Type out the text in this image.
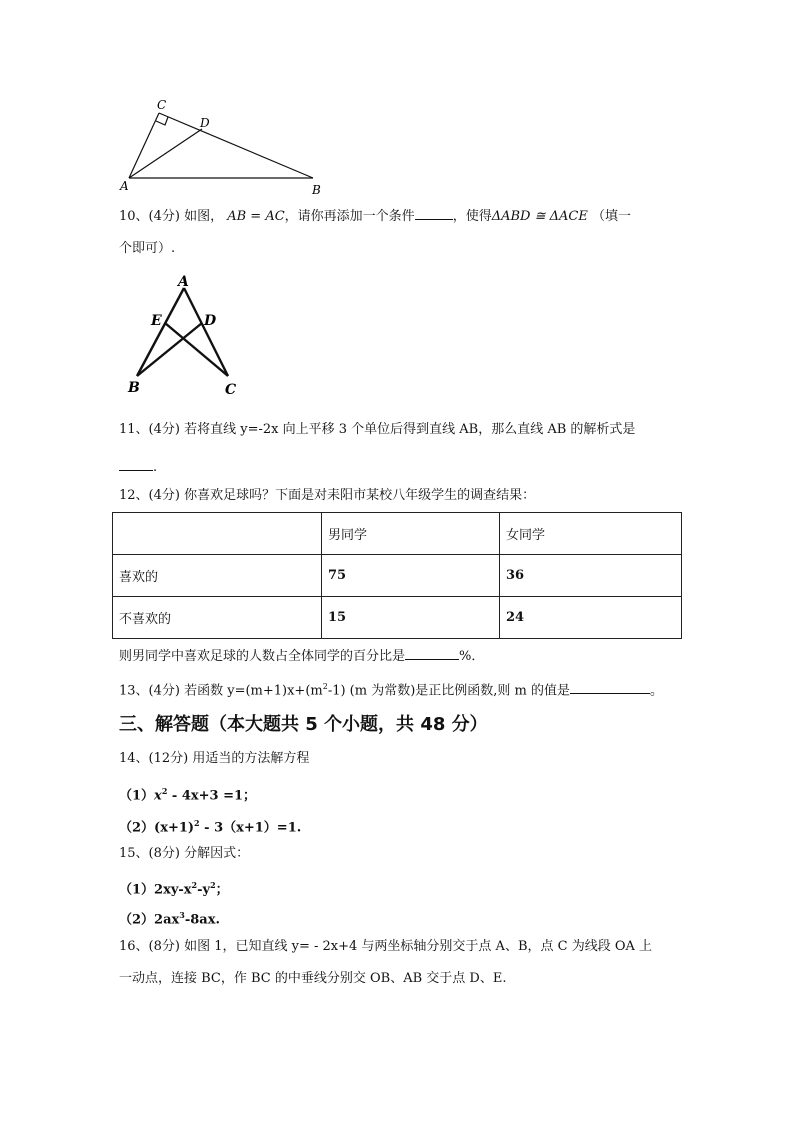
C
D
A	B
10、(4分) 如图， AB = AC，请你再添加一个条件	，使得ΔABD ≅ ΔACE （填一
个即可）.
A
E	D
B	C
11、(4分) 若将直线 y=-2x 向上平移 3 个单位后得到直线 AB，那么直线 AB 的解析式是
.
12、(4分) 你喜欢足球吗？下面是对耒阳市某校八年级学生的调查结果：
	男同学	女同学
喜欢的	75	36
不喜欢的	15	24
则男同学中喜欢足球的人数占全体同学的百分比是	%．
13、(4分) 若函数 $y=(m+1)x+(m^2-1)$ (m 为常数)是正比例函数,则 m 的值是	。
三、解答题（本大题共 5 个小题，共 48 分）
14、(12分) 用适当的方法解方程
$(1)x^2 - 4x+3 =1$；
$(2)(x+1)^2 - 3(x+1)=1$.
15、(8分) 分解因式：
$(1)2xy-x^2-y^2$；
$(2)2ax^3-8ax$.
16、(8分) 如图 1，已知直线 y= - 2x+4 与两坐标轴分别交于点 A、B，点 C 为线段 OA 上
一动点，连接 BC，作 BC 的中垂线分别交 OB、AB 交于点 D、E.
